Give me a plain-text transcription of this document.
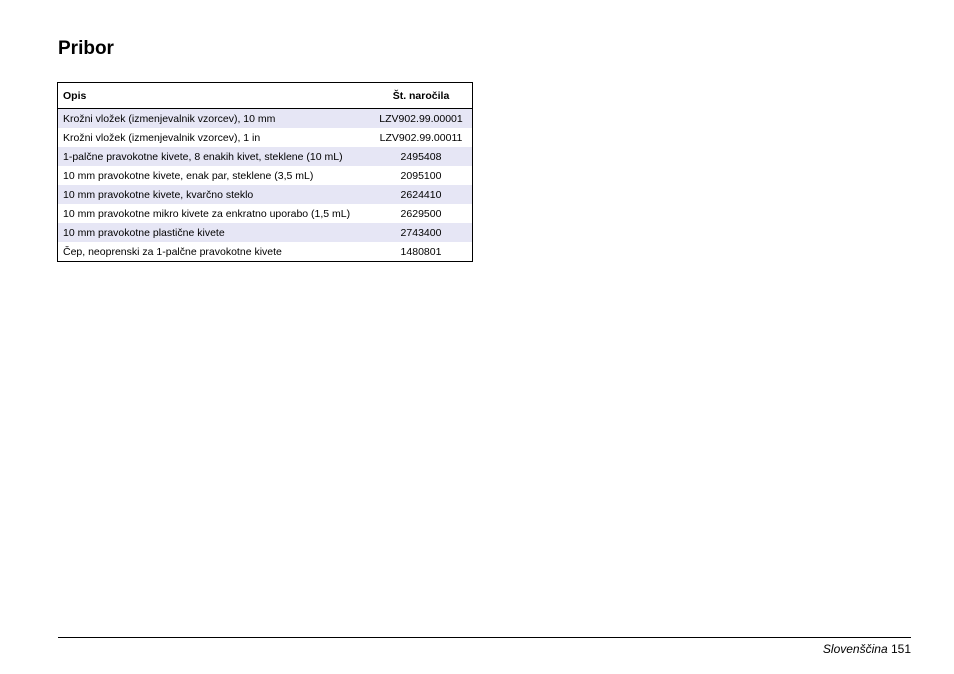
Pribor
Opis	Št. naročila
Krožni vložek (izmenjevalnik vzorcev), 10 mm	LZV902.99.00001
Krožni vložek (izmenjevalnik vzorcev), 1 in	LZV902.99.00011
1-palčne pravokotne kivete, 8 enakih kivet, steklene (10 mL)	2495408
10 mm pravokotne kivete, enak par, steklene (3,5 mL)	2095100
10 mm pravokotne kivete, kvarčno steklo	2624410
10 mm pravokotne mikro kivete za enkratno uporabo (1,5 mL)	2629500
10 mm pravokotne plastične kivete	2743400
Čep, neoprenski za 1-palčne pravokotne kivete	1480801
Slovenščina 151
